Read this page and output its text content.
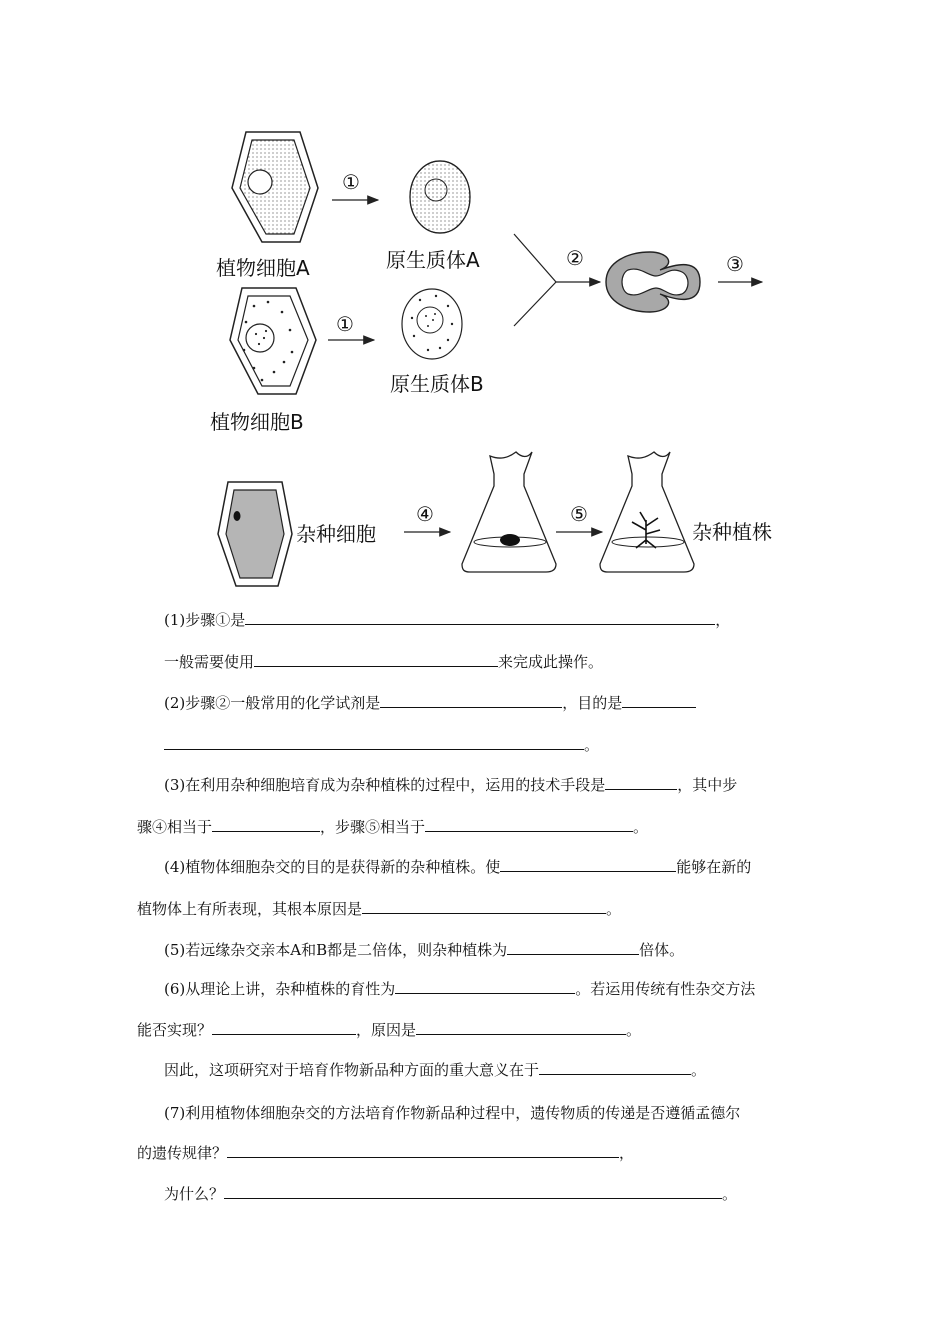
植物细胞A	原生质体A
植物细胞B
原生质体B
杂种细胞	杂种植株
①
①
②	③
④	⑤
(1)步骤①是	，
一般需要使用	来完成此操作。
(2)步骤②一般常用的化学试剂是	，目的是
。
(3)在利用杂种细胞培育成为杂种植株的过程中，运用的技术手段是	，其中步
骤④相当于	，步骤⑤相当于	。
(4)植物体细胞杂交的目的是获得新的杂种植株。使	能够在新的
植物体上有所表现，其根本原因是	。
(5)若远缘杂交亲本A和B都是二倍体，则杂种植株为	倍体。
(6)从理论上讲，杂种植株的育性为	。若运用传统有性杂交方法
能否实现？	，原因是	。
因此，这项研究对于培育作物新品种方面的重大意义在于	。
(7)利用植物体细胞杂交的方法培育作物新品种过程中，遗传物质的传递是否遵循孟德尔
的遗传规律？	，
为什么？	。
